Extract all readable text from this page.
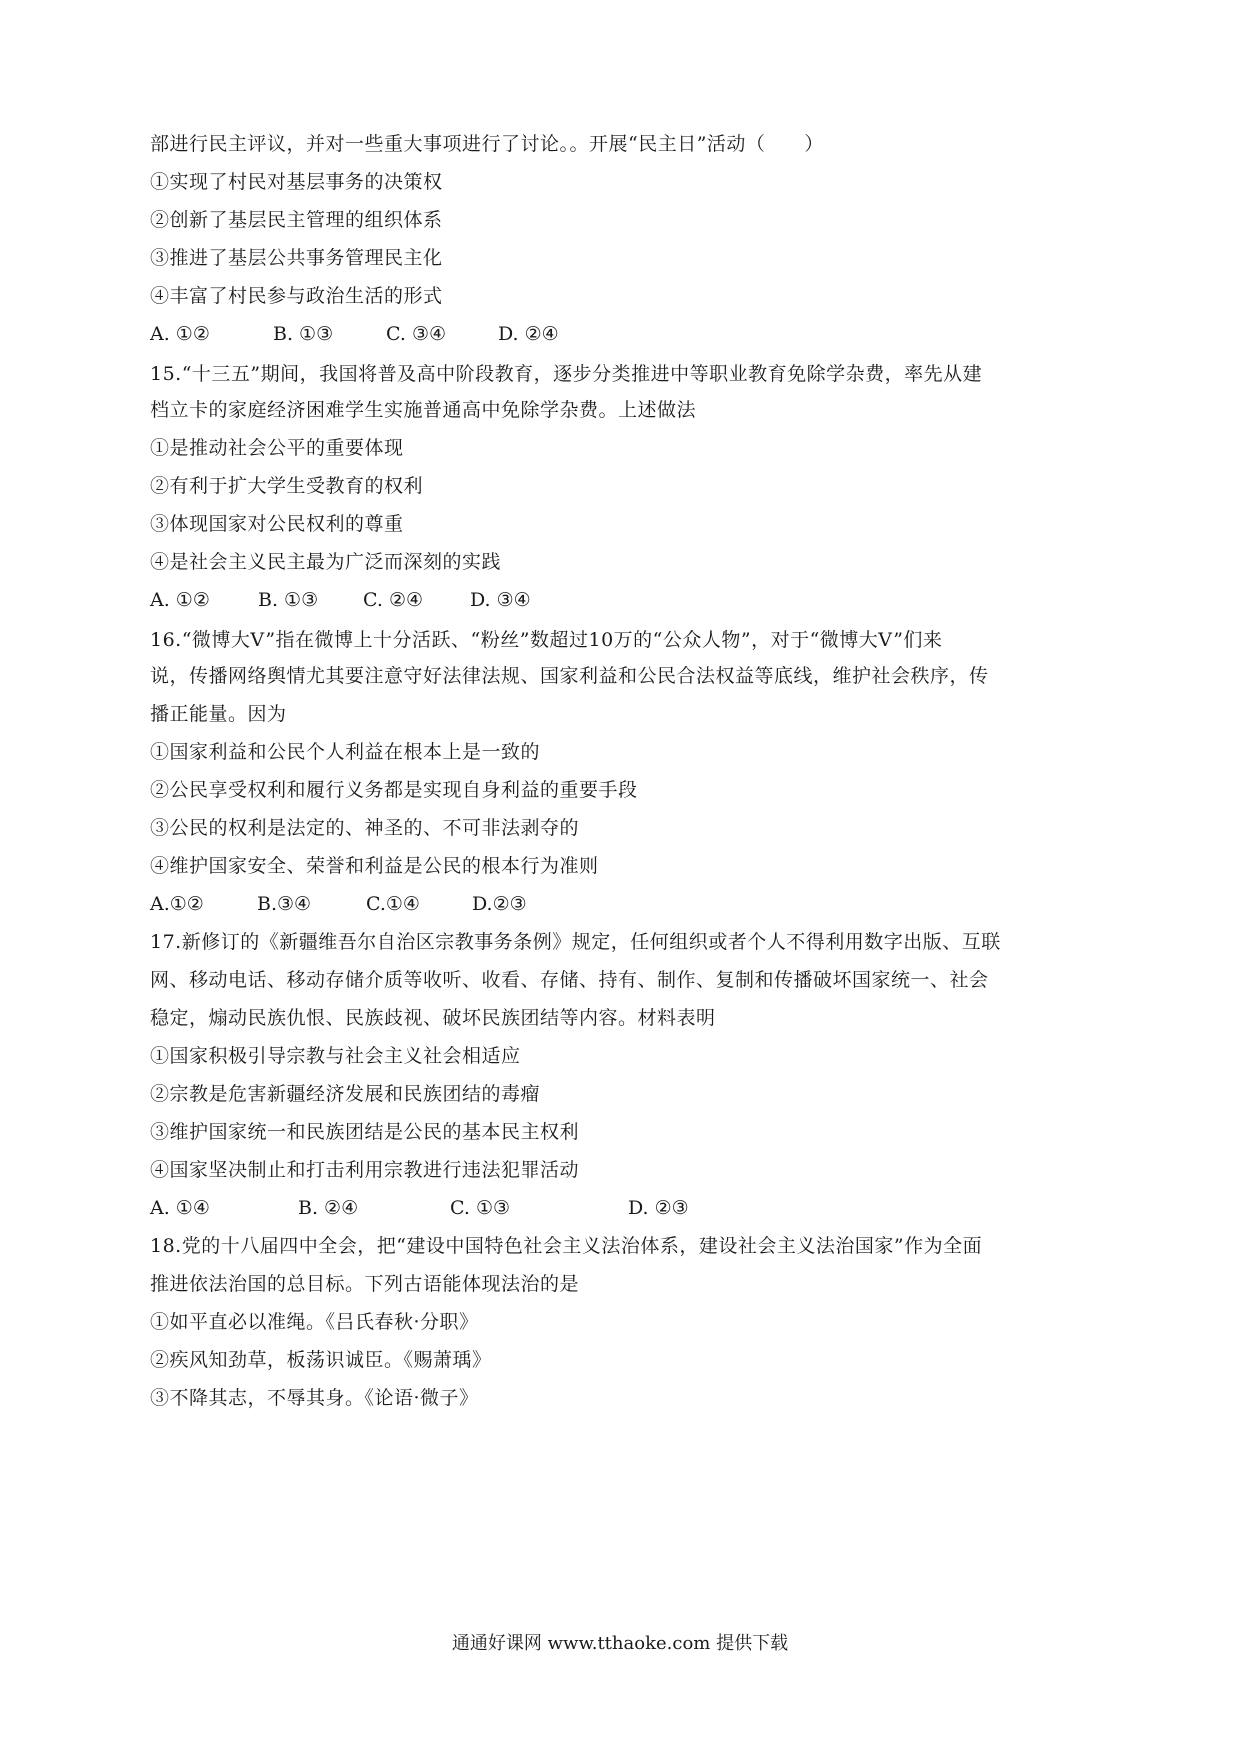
部进行民主评议，并对一些重大事项进行了讨论。。开展“民主日”活动（　　）
①实现了村民对基层事务的决策权
②创新了基层民主管理的组织体系
③推进了基层公共事务管理民主化
④丰富了村民参与政治生活的形式
A. ①②	B. ①③	C. ③④	D. ②④
15.“十三五”期间，我国将普及高中阶段教育，逐步分类推进中等职业教育免除学杂费，率先从建
档立卡的家庭经济困难学生实施普通高中免除学杂费。上述做法
①是推动社会公平的重要体现
②有利于扩大学生受教育的权利
③体现国家对公民权利的尊重
④是社会主义民主最为广泛而深刻的实践
A. ①②	B. ①③ C. ②④ D. ③④
16.“微博大V”指在微博上十分活跃、“粉丝”数超过10万的“公众人物”，对于“微博大V”们来
说，传播网络舆情尤其要注意守好法律法规、国家利益和公民合法权益等底线，维护社会秩序，传
播正能量。因为
①国家利益和公民个人利益在根本上是一致的
②公民享受权利和履行义务都是实现自身利益的重要手段
③公民的权利是法定的、神圣的、不可非法剥夺的
④维护国家安全、荣誉和利益是公民的根本行为准则
A.①②	B.③④	C.①④	D.②③
17.新修订的《新疆维吾尔自治区宗教事务条例》规定，任何组织或者个人不得利用数字出版、互联
网、移动电话、移动存储介质等收听、收看、存储、持有、制作、复制和传播破坏国家统一、社会
稳定，煽动民族仇恨、民族歧视、破坏民族团结等内容。材料表明
①国家积极引导宗教与社会主义社会相适应
②宗教是危害新疆经济发展和民族团结的毒瘤
③维护国家统一和民族团结是公民的基本民主权利
④国家坚决制止和打击利用宗教进行违法犯罪活动
A. ①④	B. ②④	C. ①③	D. ②③
18.党的十八届四中全会，把“建设中国特色社会主义法治体系，建设社会主义法治国家”作为全面
推进依法治国的总目标。下列古语能体现法治的是
①如平直必以准绳。《吕氏春秋·分职》
②疾风知劲草，板荡识诚臣。《赐萧瑀》
③不降其志，不辱其身。《论语·微子》
通通好课网 www.tthaoke.com 提供下载
